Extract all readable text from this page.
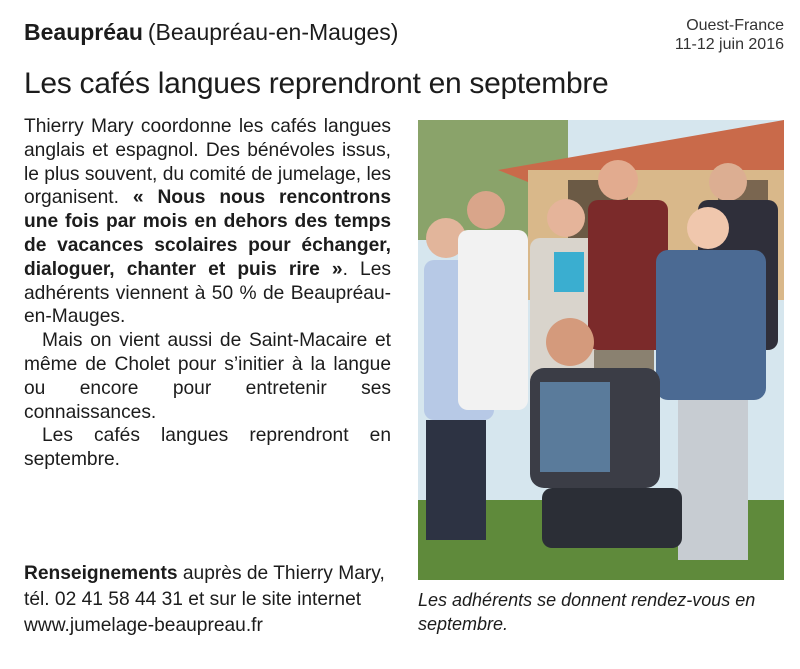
Beaupréau (Beaupréau-en-Mauges)	Ouest-France
11-12 juin 2016
Les cafés langues reprendront en septembre

Thierry Mary coordonne les cafés langues anglais et espagnol. Des bénévoles issus, le plus souvent, du comité de jumelage, les organisent. « Nous nous rencontrons une fois par mois en dehors des temps de vacances scolaires pour échanger, dialoguer, chanter et puis rire ». Les adhérents viennent à 50 % de Beaupréau-en-Mauges.

Mais on vient aussi de Saint-Macaire et même de Cholet pour s’initier à la langue ou encore pour entretenir ses connaissances.

Les cafés langues reprendront en septembre.

Renseignements auprès de Thierry Mary, tél. 02 41 58 44 31 et sur le site internet www.jumelage-beaupreau.fr
Les adhérents se donnent rendez-vous en septembre.
